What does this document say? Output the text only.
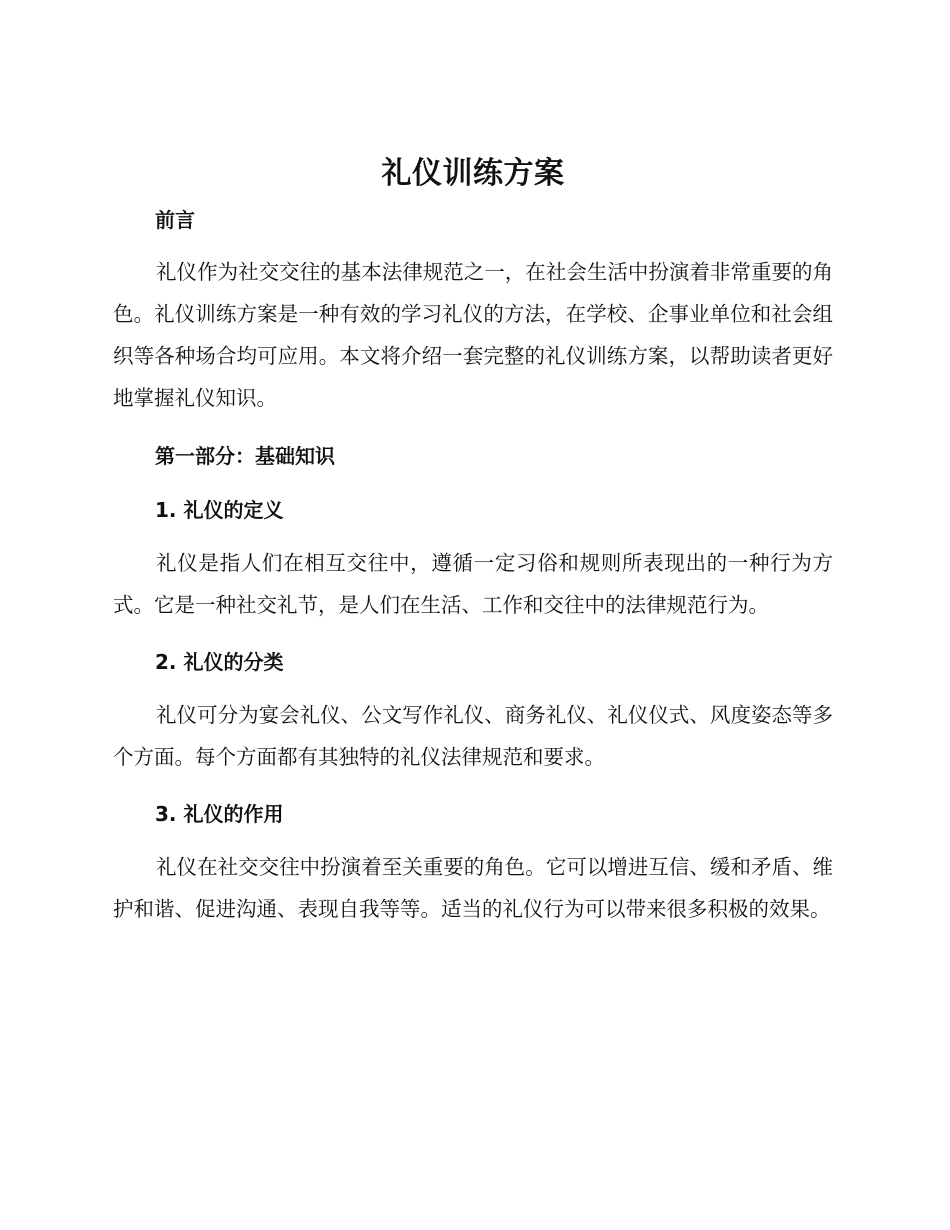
礼仪训练方案
前言

礼仪作为社交交往的基本法律规范之一，在社会生活中扮演着非常重要的角色。礼仪训练方案是一种有效的学习礼仪的方法，在学校、企事业单位和社会组织等各种场合均可应用。本文将介绍一套完整的礼仪训练方案，以帮助读者更好地掌握礼仪知识。

第一部分：基础知识
1. 礼仪的定义

礼仪是指人们在相互交往中，遵循一定习俗和规则所表现出的一种行为方式。它是一种社交礼节，是人们在生活、工作和交往中的法律规范行为。

2. 礼仪的分类

礼仪可分为宴会礼仪、公文写作礼仪、商务礼仪、礼仪仪式、风度姿态等多个方面。每个方面都有其独特的礼仪法律规范和要求。

3. 礼仪的作用

礼仪在社交交往中扮演着至关重要的角色。它可以增进互信、缓和矛盾、维护和谐、促进沟通、表现自我等等。适当的礼仪行为可以带来很多积极的效果。
